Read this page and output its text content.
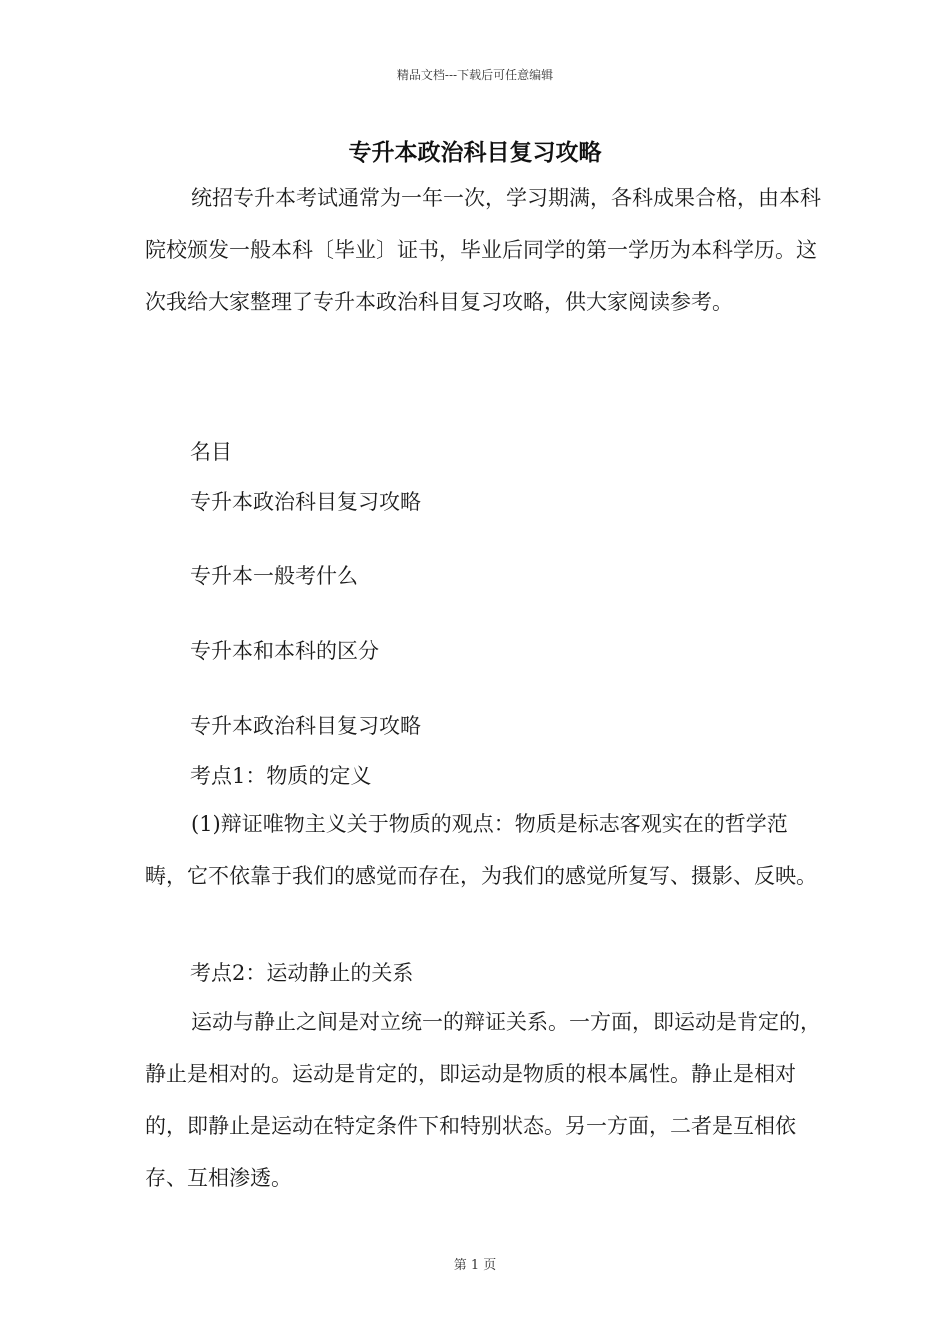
精品文档---下载后可任意编辑
专升本政治科目复习攻略

统招专升本考试通常为一年一次，学习期满，各科成果合格，由本科院校颁发一般本科〔毕业〕证书，毕业后同学的第一学历为本科学历。这次我给大家整理了专升本政治科目复习攻略，供大家阅读参考。

名目
专升本政治科目复习攻略
专升本一般考什么
专升本和本科的区分
专升本政治科目复习攻略
考点1：物质的定义

(1)辩证唯物主义关于物质的观点：物质是标志客观实在的哲学范畴，它不依靠于我们的感觉而存在，为我们的感觉所复写、摄影、反映。

考点2：运动静止的关系

运动与静止之间是对立统一的辩证关系。一方面，即运动是肯定的，静止是相对的。运动是肯定的，即运动是物质的根本属性。静止是相对的，即静止是运动在特定条件下和特别状态。另一方面，二者是互相依存、互相渗透。

第 1 页
